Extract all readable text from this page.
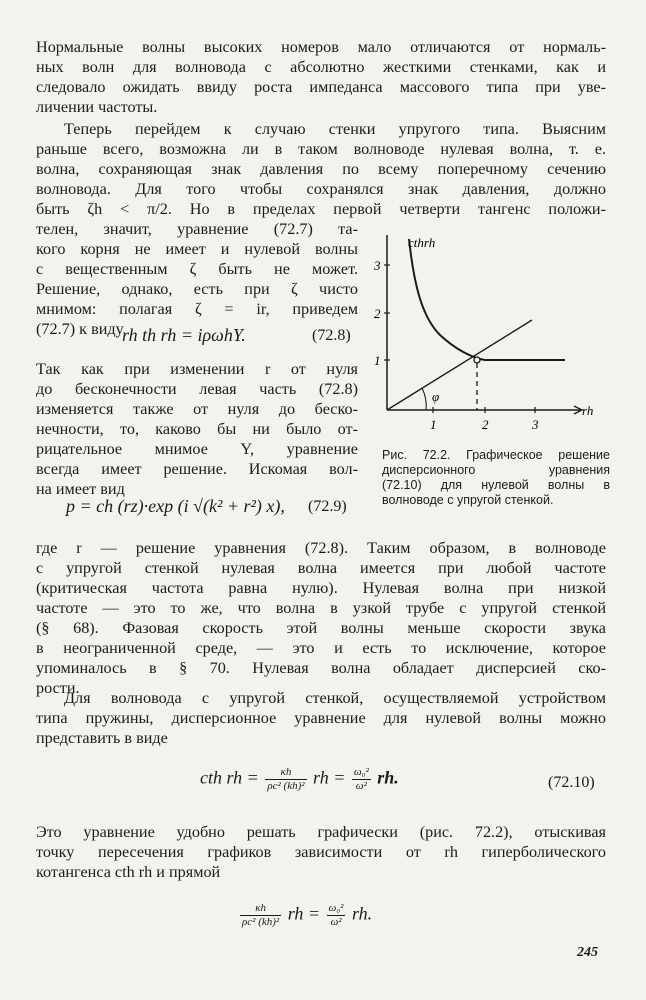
Нормальные волны высоких номеров мало отличаются от нормаль-
ных волн для волновода с абсолютно жесткими стенками, как и
следовало ожидать ввиду роста импеданса массового типа при уве-
личении частоты.
Теперь перейдем к случаю стенки упругого типа. Выясним
раньше всего, возможна ли в таком волноводе нулевая волна, т. е.
волна, сохраняющая знак давления по всему поперечному сечению
волновода. Для того чтобы сохранялся знак давления, должно
быть ζh < π/2. Но в пределах первой четверти тангенс положи-
телен, значит, уравнение (72.7) та-
кого корня не имеет и нулевой волны
с вещественным ζ быть не может.
Решение, однако, есть при ζ чисто
мнимом: полагая ζ = ir, приведем
(72.7) к виду
rh th rh = iρωhY.	(72.8)
Так как при изменении r от нуля
до бесконечности левая часть (72.8)
изменяется также от нуля до беско-
нечности, то, каково бы ни было от-
рицательное мнимое Y, уравнение
всегда имеет решение. Искомая вол-
на имеет вид
p = ch (rz)·exp (i √(k² + r²) x), (72.9)
cthrh
1
2
3
1	2	3
rh
φ
Рис. 72.2. Графическое решение
дисперсионного уравнения
(72.10) для нулевой волны в
волноводе с упругой стенкой.
где r — решение уравнения (72.8). Таким образом, в волноводе
с упругой стенкой нулевая волна имеется при любой частоте
(критическая частота равна нулю). Нулевая волна при низкой
частоте — это то же, что волна в узкой трубе с упругой стенкой
(§ 68). Фазовая скорость этой волны меньше скорости звука
в неограниченной среде, — это и есть то исключение, которое
упоминалось в § 70. Нулевая волна обладает дисперсией ско-
рости.
Для волновода с упругой стенкой, осуществляемой устройством
типа пружины, дисперсионное уравнение для нулевой волны можно
представить в виде
cth rh = $\frac{\kappa h}{\text{ρc² (kh)²}}$ rh = $\frac{\text{ω₀²}}{\text{ω²}}$ rh.	(72.10)
Это уравнение удобно решать графически (рис. 72.2), отыскивая
точку пересечения графиков зависимости от rh гиперболического
котангенса cth rh и прямой
$\frac{\kappa h}{\text{ρc² (kh)²}}$ rh = $\frac{\text{ω₀²}}{\text{ω²}}$ rh.
245
